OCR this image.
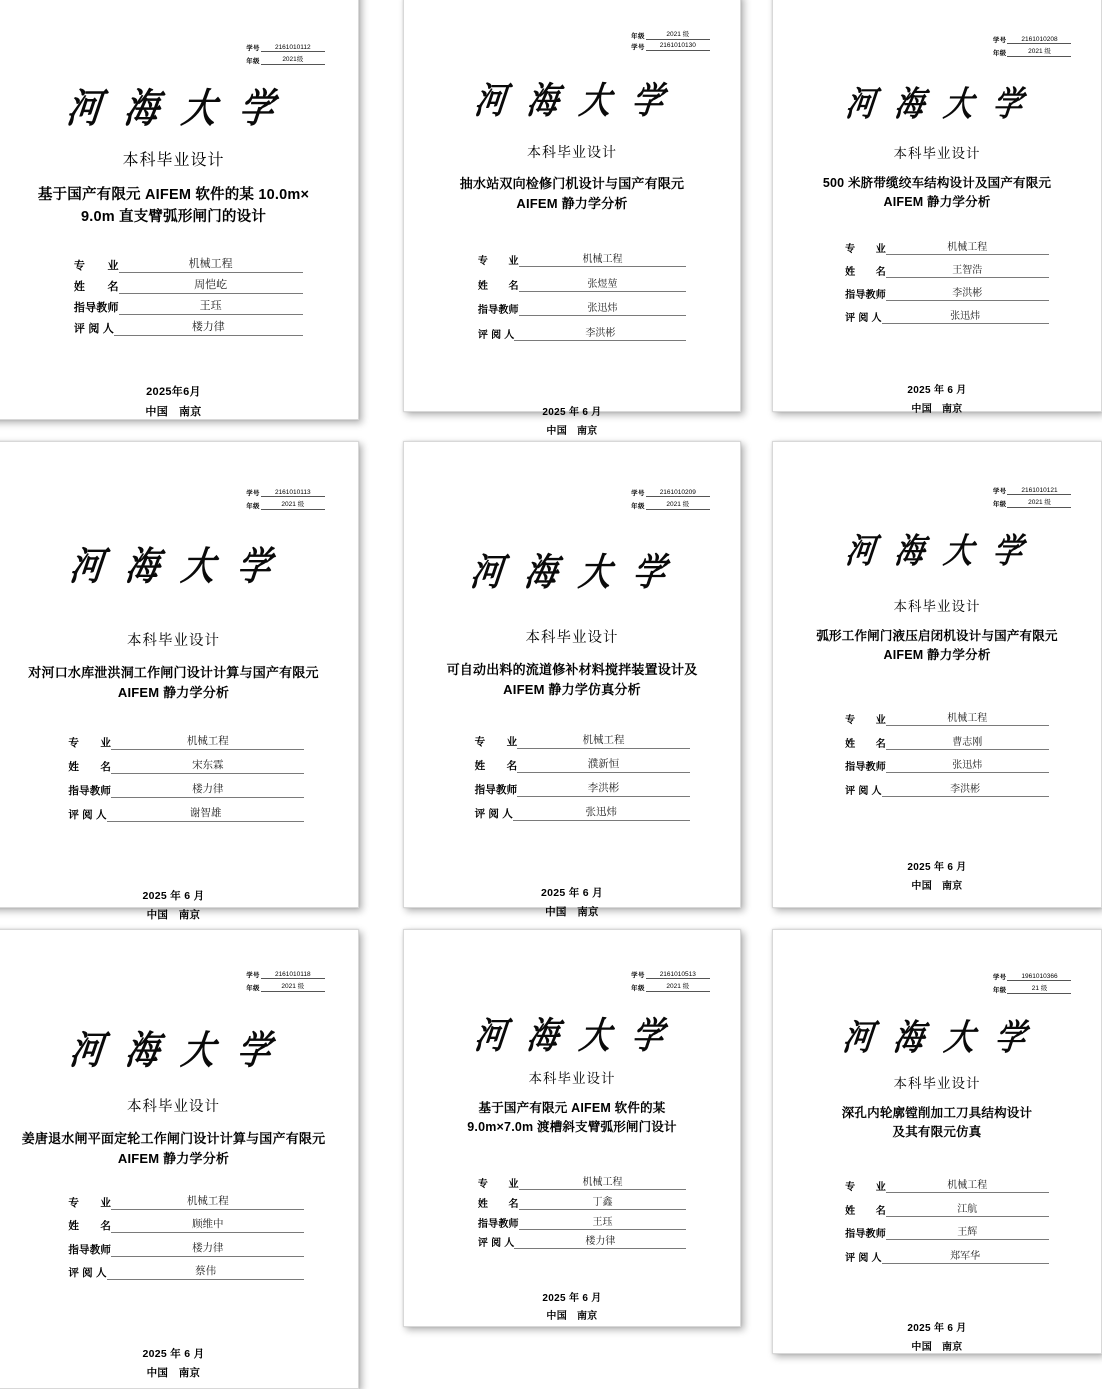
学号	2161010112
年级	2021级
河 海 大 学
本科毕业设计
基于国产有限元 AIFEM 软件的某 10.0m×
9.0m 直支臂弧形闸门的设计
专　　业	机械工程
姓　　名	周恺屹
指导教师	王珏
评 阅 人	楼力律
2025年6月
中国 南京
年级	2021 级
学号	2161010130
河 海 大 学
本科毕业设计
抽水站双向检修门机设计与国产有限元
AIFEM 静力学分析
专　　业	机械工程
姓　　名	张煜堃
指导教师	张迅炜
评 阅 人	李洪彬
2025 年 6 月
中国 南京
学号	2161010208
年级	2021 级
河 海 大 学
本科毕业设计
500 米脐带缆绞车结构设计及国产有限元
AIFEM 静力学分析
专　　业	机械工程
姓　　名	王智浩
指导教师	李洪彬
评 阅 人	张迅炜
2025 年 6 月
中国 南京
学号	2161010113
年级	2021 级
河 海 大 学
本科毕业设计
对河口水库泄洪洞工作闸门设计计算与国产有限元
AIFEM 静力学分析
专　　业	机械工程
姓　　名	宋东霖
指导教师	楼力律
评 阅 人	谢智雄
2025 年 6 月
中国 南京
学号	2161010209
年级	2021 级
河 海 大 学
本科毕业设计
可自动出料的流道修补材料搅拌装置设计及
AIFEM 静力学仿真分析
专　　业	机械工程
姓　　名	濮新恒
指导教师	李洪彬
评 阅 人	张迅炜
2025 年 6 月
中国 南京
学号	2161010121
年级	2021 级
河 海 大 学
本科毕业设计
弧形工作闸门液压启闭机设计与国产有限元
AIFEM 静力学分析
专　　业	机械工程
姓　　名	曹志刚
指导教师	张迅炜
评 阅 人	李洪彬
2025 年 6 月
中国 南京
学号	2161010118
年级	2021 级
河 海 大 学
本科毕业设计
姜唐退水闸平面定轮工作闸门设计计算与国产有限元
AIFEM 静力学分析
专　　业	机械工程
姓　　名	顾维中
指导教师	楼力律
评 阅 人	蔡伟
2025 年 6 月
中国 南京
学号	2161010513
年级	2021 级
河 海 大 学
本科毕业设计
基于国产有限元 AIFEM 软件的某
9.0m×7.0m 渡槽斜支臂弧形闸门设计
专　　业	机械工程
姓　　名	丁鑫
指导教师	王珏
评 阅 人	楼力律
2025 年 6 月
中国 南京
学号	1961010366
年级	21 级
河 海 大 学
本科毕业设计
深孔内轮廓镗削加工刀具结构设计
及其有限元仿真
专　　业	机械工程
姓　　名	江航
指导教师	王辉
评 阅 人	郑军华
2025 年 6 月
中国 南京
